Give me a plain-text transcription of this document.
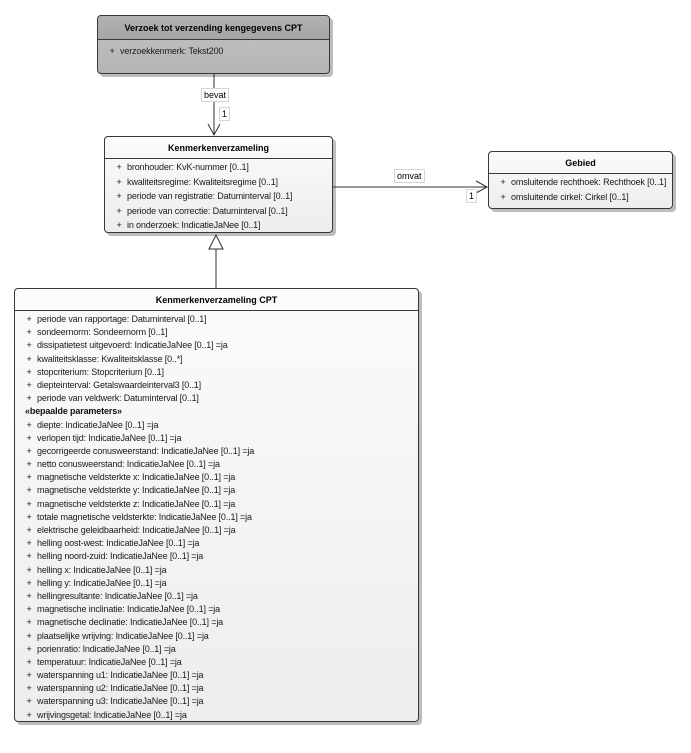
bevat
1
omvat
1
Verzoek tot verzending kengegevens CPT
+ verzoekkenmerk: Tekst200
Kenmerkenverzameling
+ bronhouder: KvK-nummer [0..1]
+ kwaliteitsregime: Kwaliteitsregime [0..1]
+ periode van registratie: Datuminterval [0..1]
+ periode van correctie: Datuminterval [0..1]
+ in onderzoek: IndicatieJaNee [0..1]
Gebied
+ omsluitende rechthoek: Rechthoek [0..1]
+ omsluitende cirkel: Cirkel [0..1]
Kenmerkenverzameling CPT
+ periode van rapportage: Datuminterval [0..1]
+ sondeernorm: Sondeernorm [0..1]
+ dissipatietest uitgevoerd: IndicatieJaNee [0..1] =ja
+ kwaliteitsklasse: Kwaliteitsklasse [0..*]
+ stopcriterium: Stopcriterium [0..1]
+ diepteinterval: Getalswaardeinterval3 [0..1]
+ periode van veldwerk: Datuminterval [0..1]
«bepaalde parameters»
+ diepte: IndicatieJaNee [0..1] =ja
+ verlopen tijd: IndicatieJaNee [0..1] =ja
+ gecorrigeerde conusweerstand: IndicatieJaNee [0..1] =ja
+ netto conusweerstand: IndicatieJaNee [0..1] =ja
+ magnetische veldsterkte x: IndicatieJaNee [0..1] =ja
+ magnetische veldsterkte y: IndicatieJaNee [0..1] =ja
+ magnetische veldsterkte z: IndicatieJaNee [0..1] =ja
+ totale magnetische veldsterkte: IndicatieJaNee [0..1] =ja
+ elektrische geleidbaarheid: IndicatieJaNee [0..1] =ja
+ helling oost-west: IndicatieJaNee [0..1] =ja
+ helling noord-zuid: IndicatieJaNee [0..1] =ja
+ helling x: IndicatieJaNee [0..1] =ja
+ helling y: IndicatieJaNee [0..1] =ja
+ hellingresultante: IndicatieJaNee [0..1] =ja
+ magnetische inclinatie: IndicatieJaNee [0..1] =ja
+ magnetische declinatie: IndicatieJaNee [0..1] =ja
+ plaatselijke wrijving: IndicatieJaNee [0..1] =ja
+ porienratio: IndicatieJaNee [0..1] =ja
+ temperatuur: IndicatieJaNee [0..1] =ja
+ waterspanning u1: IndicatieJaNee [0..1] =ja
+ waterspanning u2: IndicatieJaNee [0..1] =ja
+ waterspanning u3: IndicatieJaNee [0..1] =ja
+ wrijvingsgetal: IndicatieJaNee [0..1] =ja
